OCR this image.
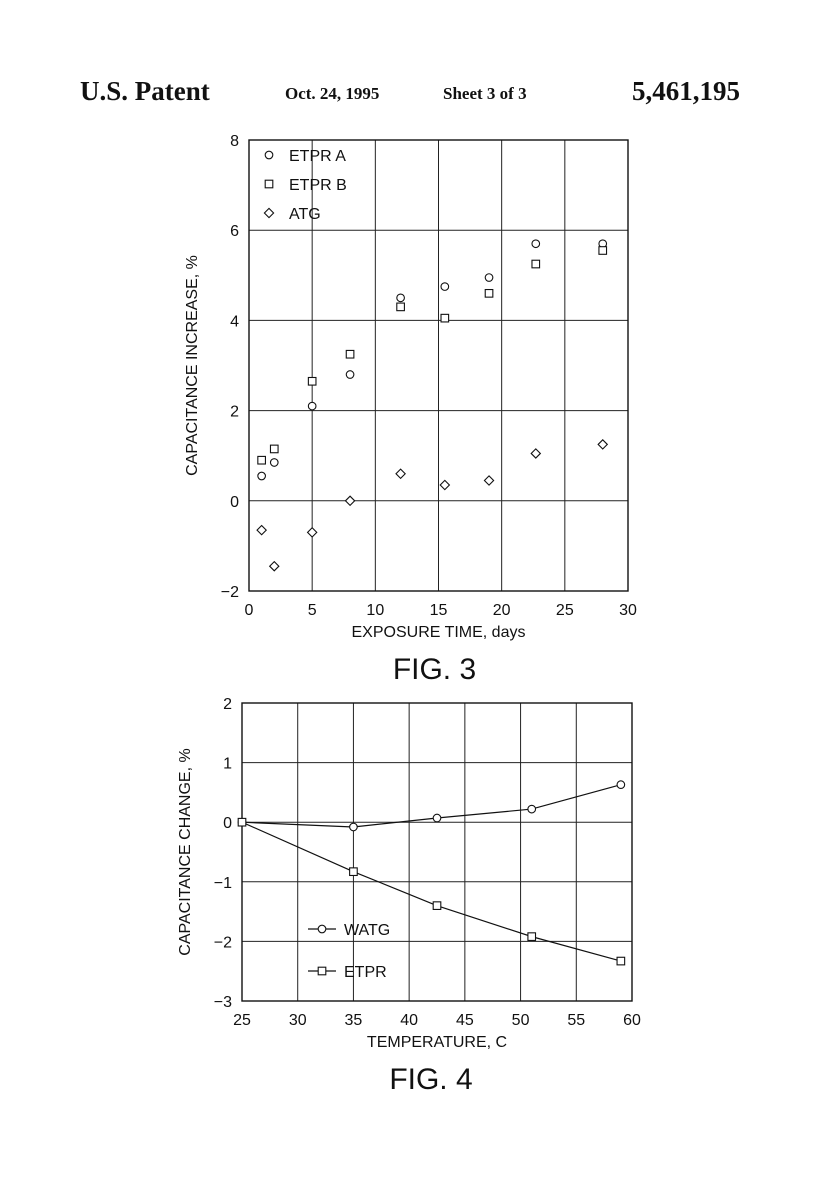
U.S. Patent	Oct. 24, 1995	Sheet 3 of 3	5,461,195
0	5	10	15	20	25	30
−2
0
2
4
6
8
EXPOSURE TIME, days
CAPACITANCE INCREASE, %
FIG. 3
ETPR A
ETPR B
ATG
25 30 35 40 45 50 55 60
−3
−2
−1
0
1
2
TEMPERATURE, C
CAPACITANCE CHANGE, %
FIG. 4
WATG
ETPR
